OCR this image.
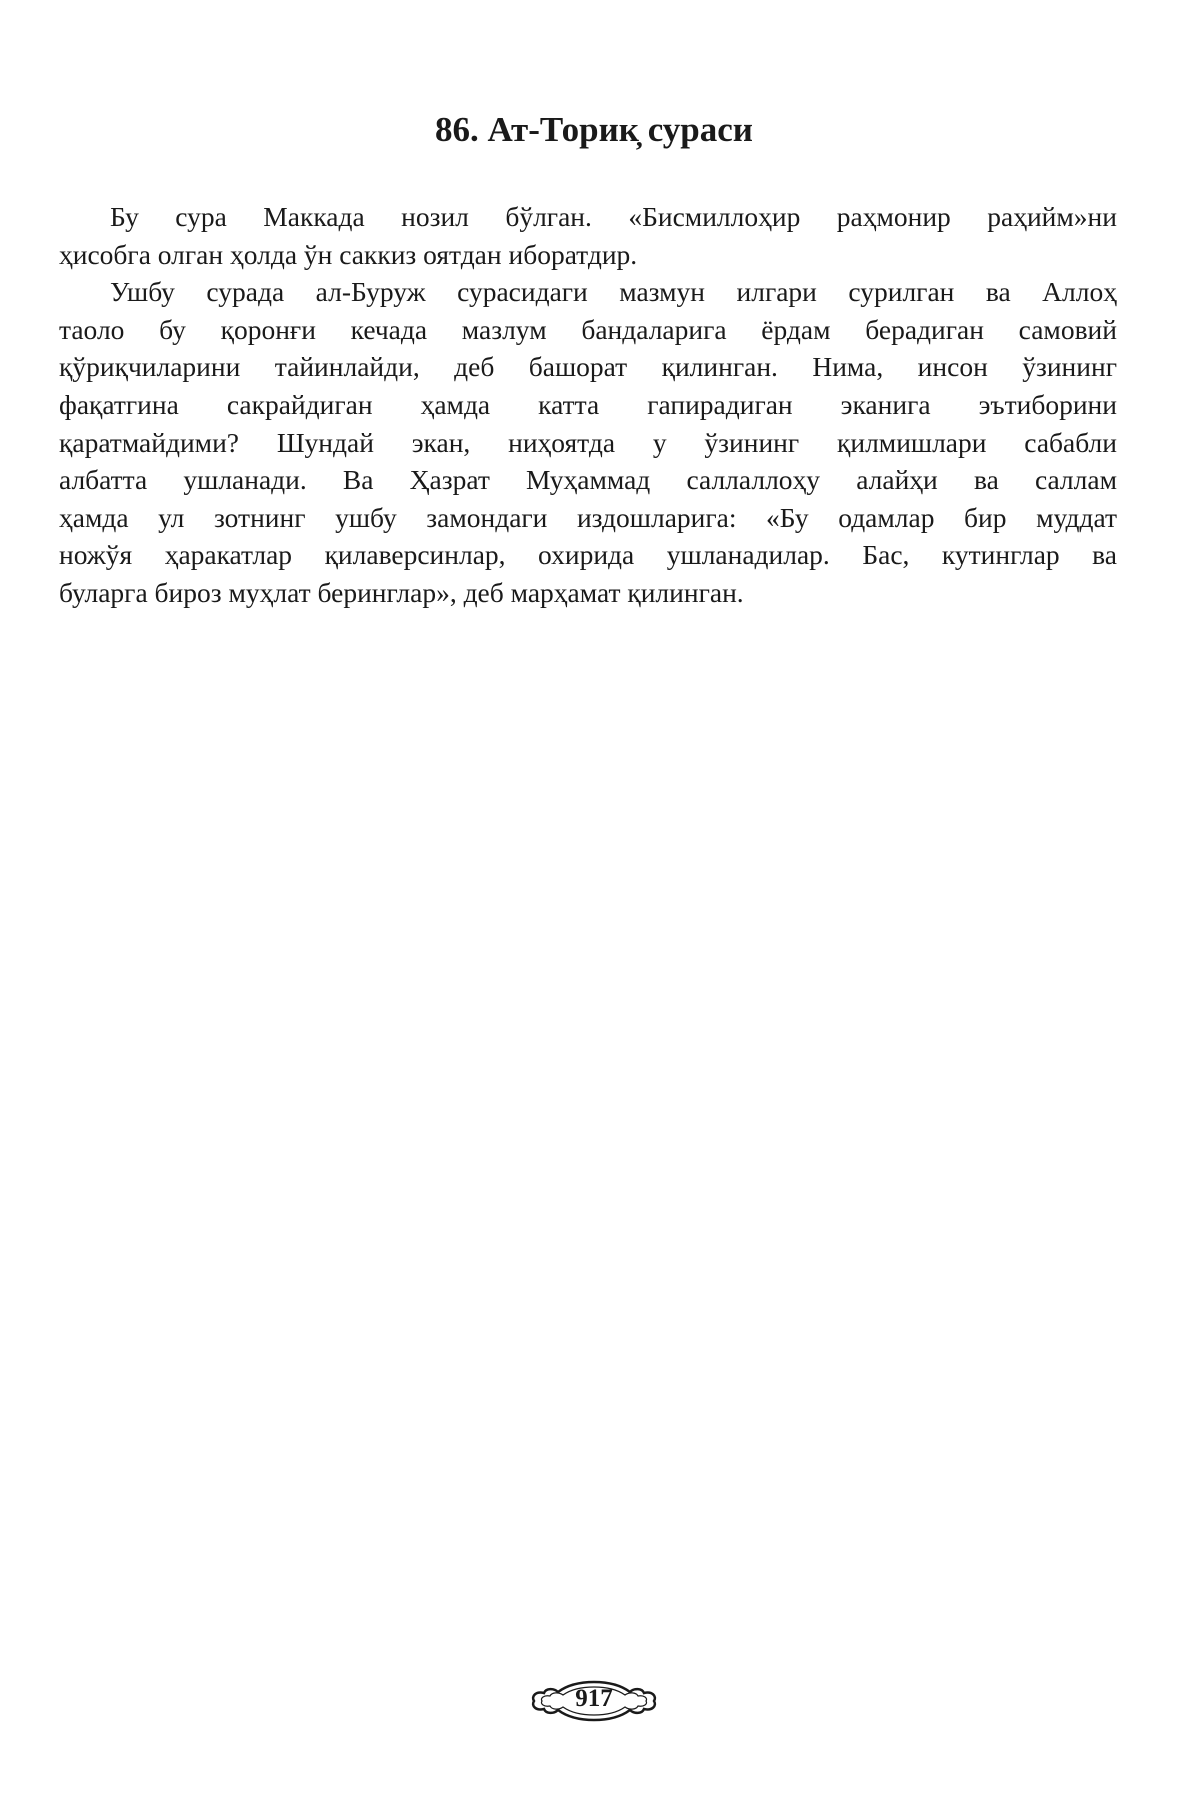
86. Ат-Торик̦ сураси
Бу сура Маккада нозил бўлган. «Бисмиллоҳир раҳмонир раҳийм»ни
ҳисобга олган ҳолда ўн саккиз оятдан иборатдир.
Ушбу сурада ал-Буруж сурасидаги мазмун илгари сурилган ва Аллоҳ
таоло бу қоронғи кечада мазлум бандаларига ёрдам берадиган самовий
қўриқчиларини тайинлайди, деб башорат қилинган. Нима, инсон ўзининг
фақатгина сакрайдиган ҳамда катта гапирадиган эканига эътиборини
қаратмайдими? Шундай экан, ниҳоятда у ўзининг қилмишлари сабабли
албатта ушланади. Ва Ҳазрат Муҳаммад саллаллоҳу алайҳи ва саллам
ҳамда ул зотнинг ушбу замондаги издошларига: «Бу одамлар бир муддат
ножўя ҳаракатлар қилаверсинлар, охирида ушланадилар. Бас, кутинглар ва
буларга бироз муҳлат беринглар», деб марҳамат қилинган.
917
